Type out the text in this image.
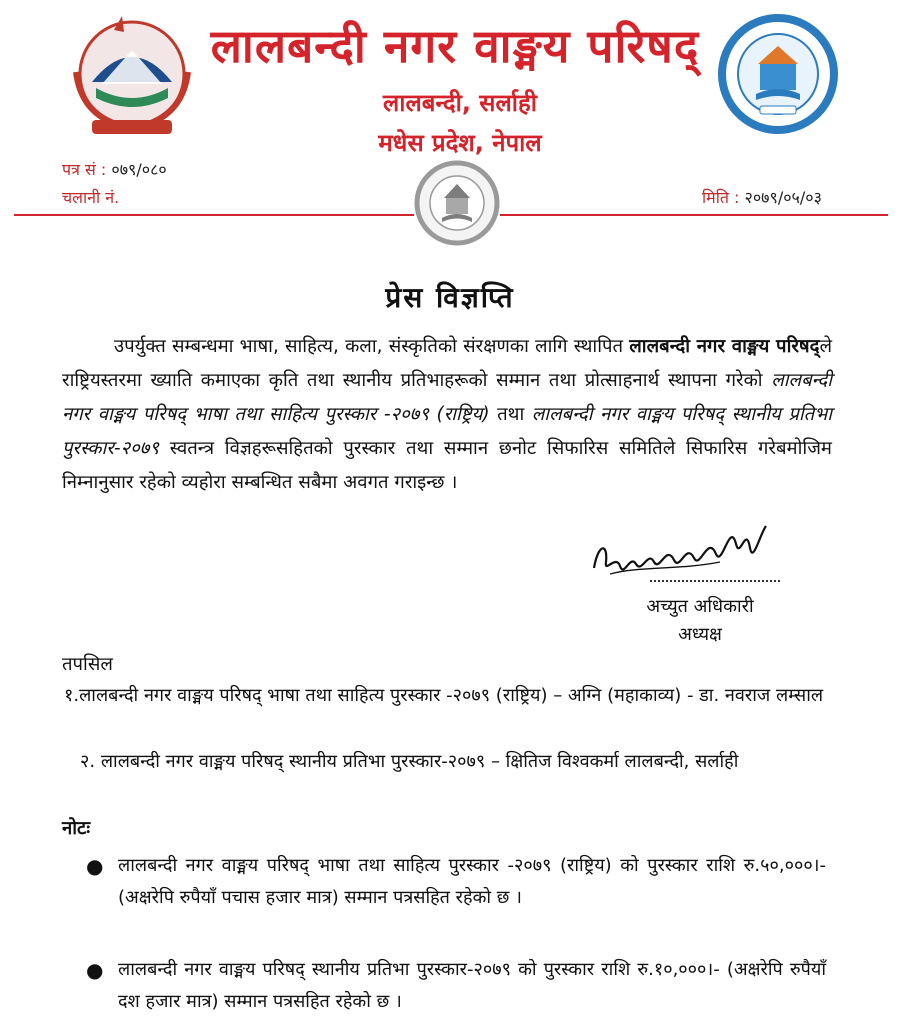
लालबन्दी नगर वाङ्मय परिषद्
लालबन्दी, सर्लाही
मधेस प्रदेश, नेपाल
पत्र सं : ०७९/०८०
चलानी नं.	मिति : २०७९/०५/०३
प्रेस विज्ञप्ति
उपर्युक्त सम्बन्धमा भाषा, साहित्य, कला, संस्कृतिको संरक्षणका लागि स्थापित लालबन्दी नगर वाङ्मय परिषद्ले राष्ट्रियस्तरमा ख्याति कमाएका कृति तथा स्थानीय प्रतिभाहरूको सम्मान तथा प्रोत्साहनार्थ स्थापना गरेको लालबन्दी नगर वाङ्मय परिषद् भाषा तथा साहित्य पुरस्कार -२०७९ (राष्ट्रिय) तथा लालबन्दी नगर वाङ्मय परिषद् स्थानीय प्रतिभा पुरस्कार-२०७९ स्वतन्त्र विज्ञहरूसहितको पुरस्कार तथा सम्मान छनोट सिफारिस समितिले सिफारिस गरेबमोजिम निम्नानुसार रहेको व्यहोरा सम्बन्धित सबैमा अवगत गराइन्छ ।
अच्युत अधिकारी
अध्यक्ष
तपसिल
१.लालबन्दी नगर वाङ्मय परिषद् भाषा तथा साहित्य पुरस्कार -२०७९ (राष्ट्रिय) – अग्नि (महाकाव्य) - डा. नवराज लम्साल
२. लालबन्दी नगर वाङ्मय परिषद् स्थानीय प्रतिभा पुरस्कार-२०७९ – क्षितिज विश्वकर्मा लालबन्दी, सर्लाही
नोटः
● लालबन्दी नगर वाङ्मय परिषद् भाषा तथा साहित्य पुरस्कार -२०७९ (राष्ट्रिय) को पुरस्कार राशि रु.५०,०००।- (अक्षरेपि रुपैयाँ पचास हजार मात्र) सम्मान पत्रसहित रहेको छ ।
● लालबन्दी नगर वाङ्मय परिषद् स्थानीय प्रतिभा पुरस्कार-२०७९ को पुरस्कार राशि रु.१०,०००।- (अक्षरेपि रुपैयाँ दश हजार मात्र) सम्मान पत्रसहित रहेको छ ।
